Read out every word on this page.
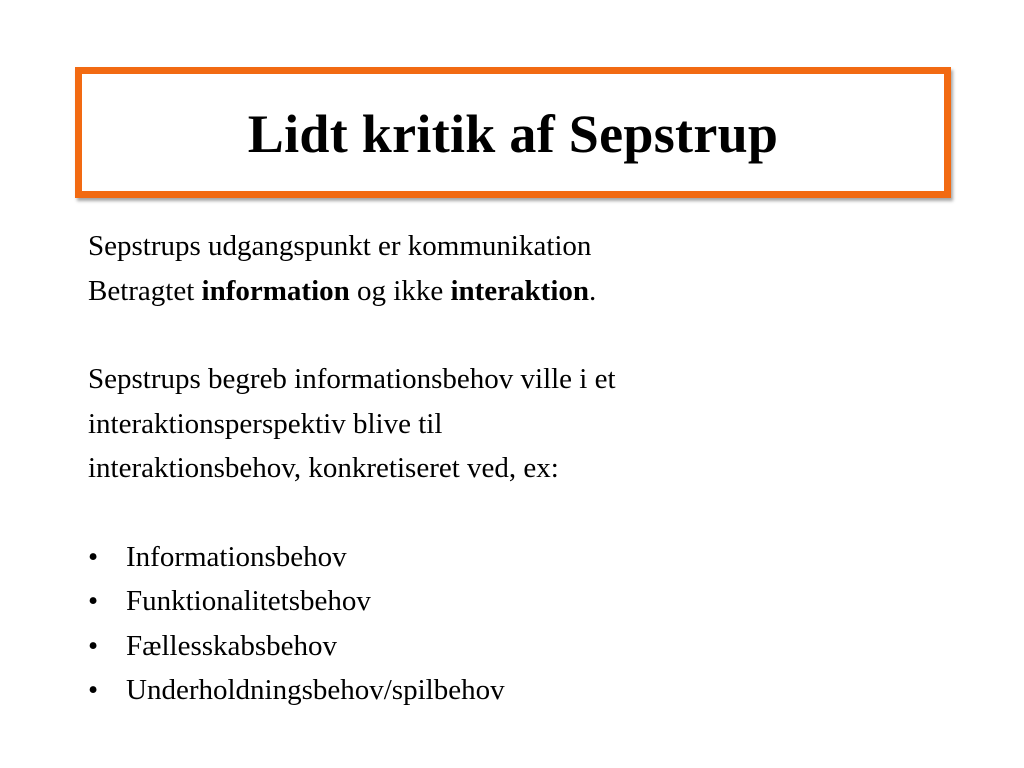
Lidt kritik af Sepstrup

Sepstrups udgangspunkt er kommunikation

Betragtet information og ikke interaktion.

Sepstrups begreb informationsbehov ville i et

interaktionsperspektiv blive til

interaktionsbehov, konkretiseret ved, ex:

• Informationsbehov
• Funktionalitetsbehov
• Fællesskabsbehov
• Underholdningsbehov/spilbehov
